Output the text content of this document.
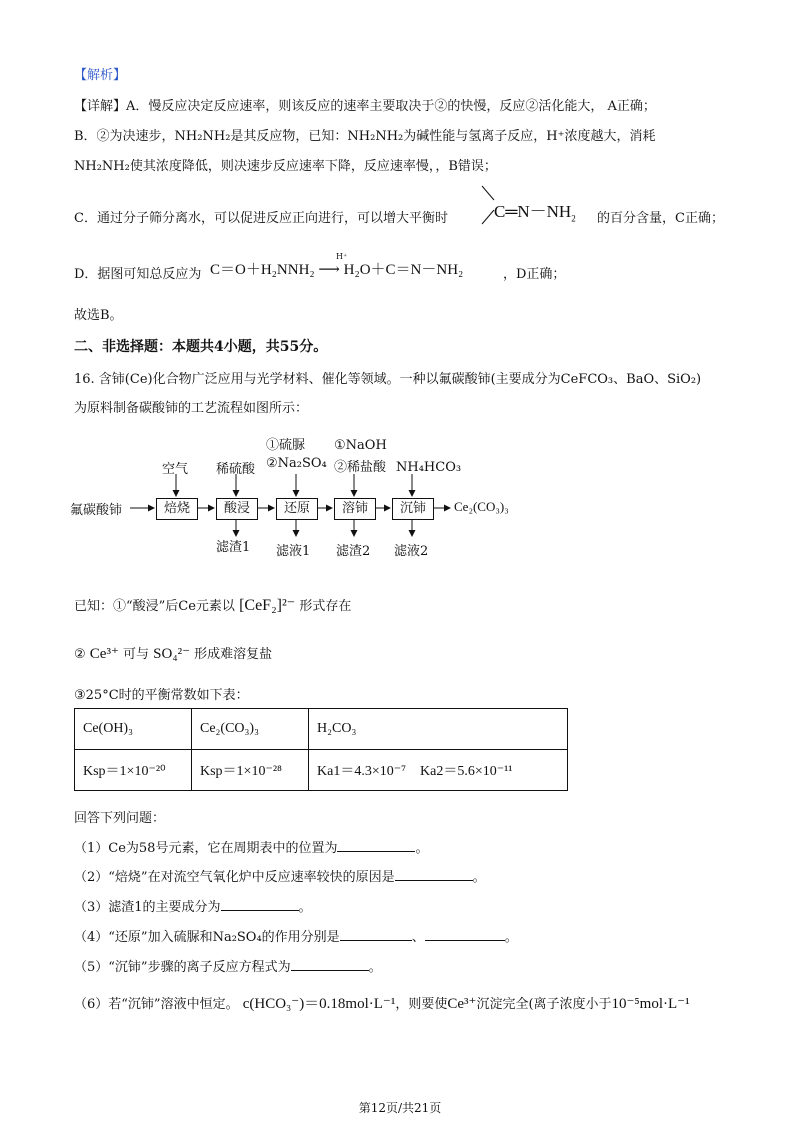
【解析】
【详解】A．慢反应决定反应速率，则该反应的速率主要取决于②的快慢，反应②活化能大， A正确；
B．②为决速步，NH₂NH₂是其反应物，已知：NH₂NH₂为碱性能与氢离子反应，H⁺浓度越大，消耗
NH₂NH₂使其浓度降低，则决速步反应速率下降，反应速率慢，，B错误；
C．通过分子筛分离水，可以促进反应正向进行，可以增大平衡时	$C═N-NH_2$ 的百分含量，C正确；
D．据图可知总反应为 C＝O＋H₂NNH₂ ⟶ H₂O＋C＝N－NH₂
H⁺
，D正确；
故选B。
二、非选择题：本题共4小题，共55分。
16. 含铈(Ce)化合物广泛应用与光学材料、催化等领域。一种以氟碳酸铈(主要成分为CeFCO₃、BaO、SiO₂)
为原料制备碳酸铈的工艺流程如图所示：
氟碳酸铈	焙烧	酸浸	还原	溶铈	沉铈	Ce₂(CO₃)₃
空气 稀硫酸
①硫脲
②Na₂SO₄
①NaOH
②稀盐酸 NH₄HCO₃
滤渣1 滤液1 滤渣2 滤液2
已知：①“酸浸”后Ce元素以 [CeF₂]²⁻ 形式存在
② Ce³⁺ 可与 SO₄²⁻ 形成难溶复盐
③25°C时的平衡常数如下表：
Ce(OH)₃	Ce₂(CO₃)₃	H₂CO₃
Ksp＝1×10⁻²⁰	Ksp＝1×10⁻²⁸	Ka1＝4.3×10⁻⁷    Ka2＝5.6×10⁻¹¹
回答下列问题：
（1）Ce为58号元素，它在周期表中的位置为	。
（2）“焙烧”在对流空气氧化炉中反应速率较快的原因是	。
（3）滤渣1的主要成分为	。
（4）“还原”加入硫脲和Na₂SO₄的作用分别是	、	。
（5）“沉铈”步骤的离子反应方程式为	。
（6）若“沉铈”溶液中恒定。 c(HCO₃⁻)＝0.18mol·L⁻¹，则要使Ce³⁺沉淀完全(离子浓度小于10⁻⁵mol·L⁻¹
第12页/共21页
